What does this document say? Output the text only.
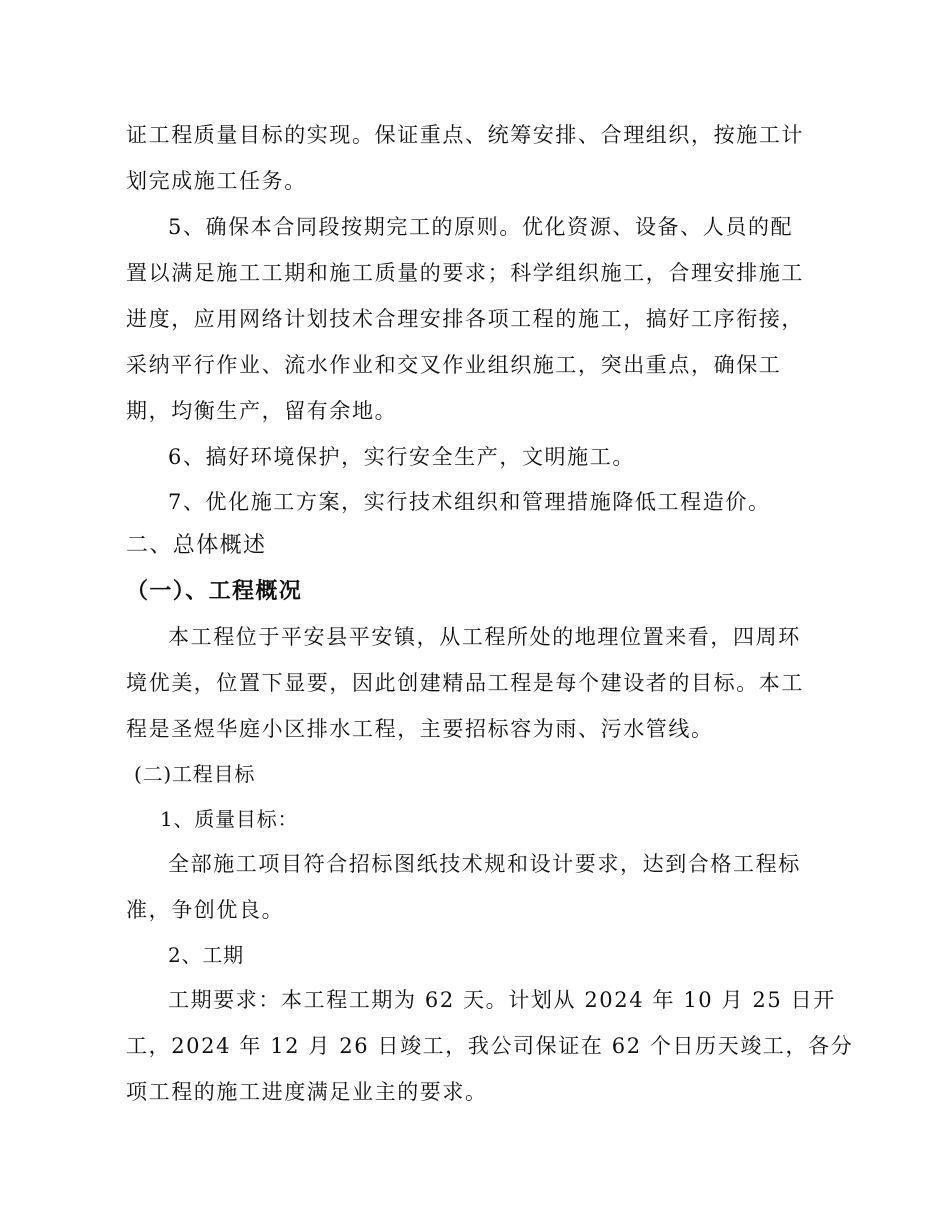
证工程质量目标的实现。保证重点、统筹安排、合理组织，按施工计
划完成施工任务。
5、确保本合同段按期完工的原则。优化资源、设备、人员的配
置以满足施工工期和施工质量的要求；科学组织施工，合理安排施工
进度，应用网络计划技术合理安排各项工程的施工，搞好工序衔接，
采纳平行作业、流水作业和交叉作业组织施工，突出重点，确保工
期，均衡生产，留有余地。
6、搞好环境保护，实行安全生产，文明施工。
7、优化施工方案，实行技术组织和管理措施降低工程造价。
二、总体概述
（一）、工程概况
本工程位于平安县平安镇，从工程所处的地理位置来看，四周环
境优美，位置下显要，因此创建精品工程是每个建设者的目标。本工
程是圣煜华庭小区排水工程，主要招标容为雨、污水管线。
(二)工程目标
1、质量目标：
全部施工项目符合招标图纸技术规和设计要求，达到合格工程标
准，争创优良。
2、工期
工期要求：本工程工期为 62 天。计划从 2024 年 10 月 25 日开
工，2024 年 12 月 26 日竣工，我公司保证在 62 个日历天竣工，各分
项工程的施工进度满足业主的要求。
